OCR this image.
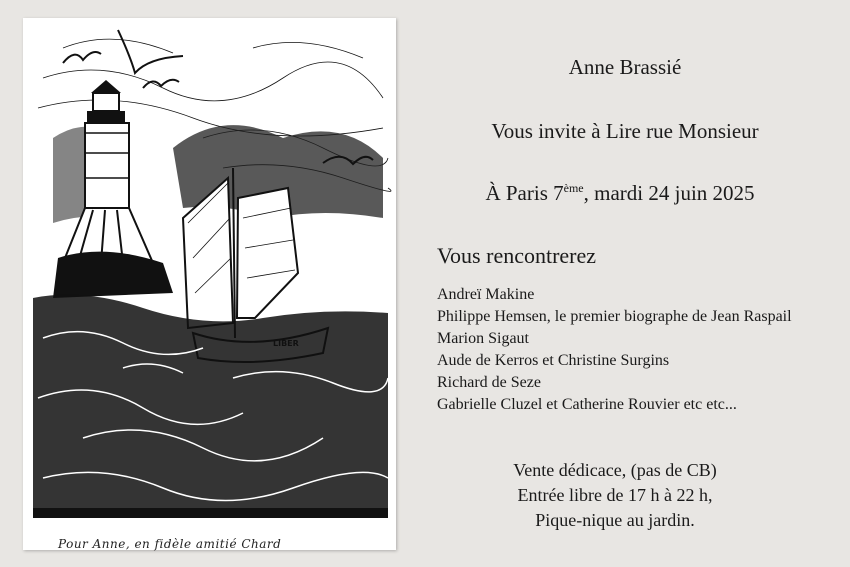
Pour Anne, en fidèle amitié Chard
Anne Brassié
Vous invite à Lire rue Monsieur
À Paris 7ème, mardi 24 juin 2025
Vous rencontrerez
Andreï Makine
Philippe Hemsen, le premier biographe de Jean Raspail
Marion Sigaut
Aude de Kerros et Christine Surgins
Richard de Seze
Gabrielle Cluzel et Catherine Rouvier etc etc...
Vente dédicace, (pas de CB)
Entrée libre de 17 h à 22 h,
Pique-nique au jardin.
